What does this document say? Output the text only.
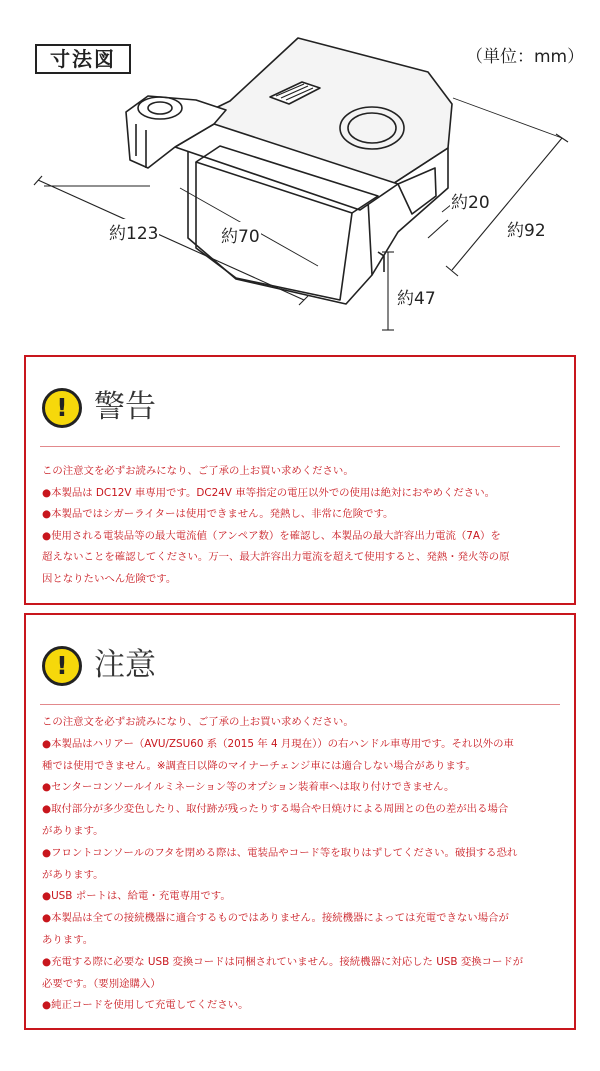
寸法図	（単位：mm）
約123	約70
約47
約20
約92
! 警告
この注意文を必ずお読みになり、ご了承の上お買い求めください。
●本製品は DC12V 車専用です。DC24V 車等指定の電圧以外での使用は絶対におやめください。
●本製品ではシガーライターは使用できません。発熱し、非常に危険です。
●使用される電装品等の最大電流値（アンペア数）を確認し、本製品の最大許容出力電流（7A）を
超えないことを確認してください。万一、最大許容出力電流を超えて使用すると、発熱・発火等の原
因となりたいへん危険です。
! 注意
この注意文を必ずお読みになり、ご了承の上お買い求めください。
●本製品はハリアー（AVU/ZSU60 系（2015 年 4 月現在））の右ハンドル車専用です。それ以外の車
種では使用できません。※調査日以降のマイナーチェンジ車には適合しない場合があります。
●センターコンソールイルミネーション等のオプション装着車へは取り付けできません。
●取付部分が多少変色したり、取付跡が残ったりする場合や日焼けによる周囲との色の差が出る場合
があります。
●フロントコンソールのフタを閉める際は、電装品やコード等を取りはずしてください。破損する恐れ
があります。
●USB ポートは、給電・充電専用です。
●本製品は全ての接続機器に適合するものではありません。接続機器によっては充電できない場合が
あります。
●充電する際に必要な USB 変換コードは同梱されていません。接続機器に対応した USB 変換コードが
必要です。（要別途購入）
●純正コードを使用して充電してください。
